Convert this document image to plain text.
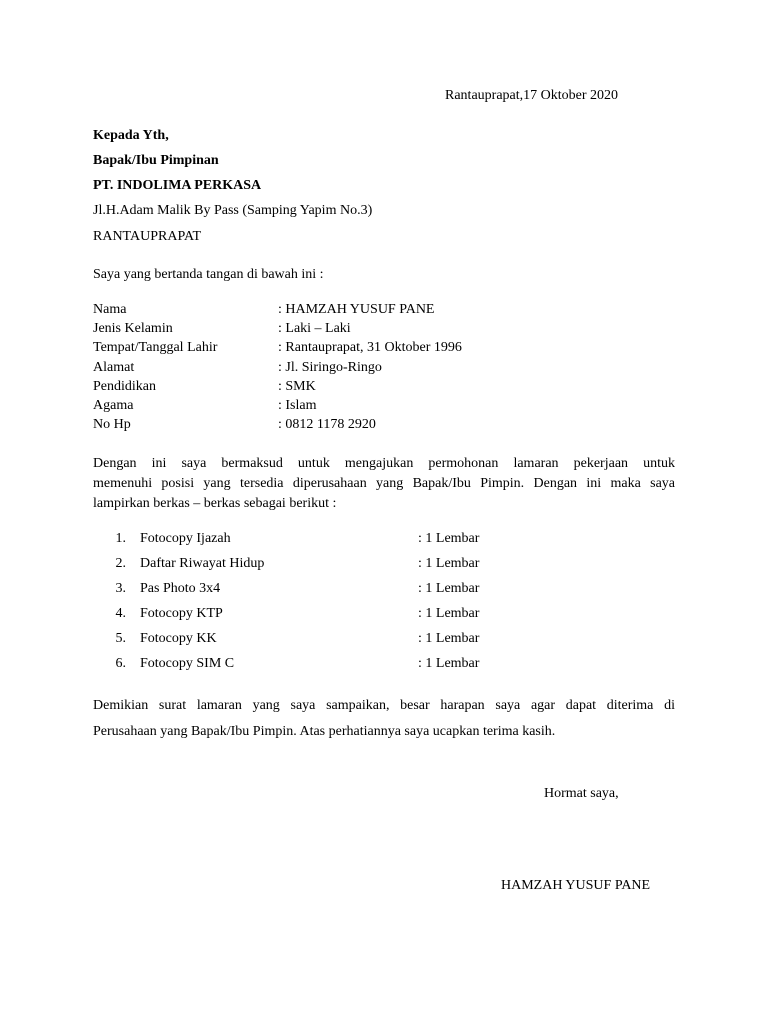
Rantauprapat,17 Oktober 2020
Kepada Yth,
Bapak/Ibu Pimpinan
PT. INDOLIMA PERKASA
Jl.H.Adam Malik By Pass (Samping Yapim No.3)
RANTAUPRAPAT
Saya yang bertanda tangan di bawah ini :
Nama	: HAMZAH YUSUF PANE
Jenis Kelamin	: Laki – Laki
Tempat/Tanggal Lahir	: Rantauprapat, 31 Oktober 1996
Alamat	: Jl. Siringo-Ringo
Pendidikan	: SMK
Agama	: Islam
No Hp	: 0812 1178 2920
Dengan ini saya bermaksud untuk mengajukan permohonan lamaran pekerjaan untuk
memenuhi posisi yang tersedia diperusahaan yang Bapak/Ibu Pimpin. Dengan ini maka saya
lampirkan berkas – berkas sebagai berikut :
1. Fotocopy Ijazah	: 1 Lembar
2. Daftar Riwayat Hidup	: 1 Lembar
3. Pas Photo 3x4	: 1 Lembar
4. Fotocopy KTP	: 1 Lembar
5. Fotocopy KK	: 1 Lembar
6. Fotocopy SIM C	: 1 Lembar
Demikian surat lamaran yang saya sampaikan, besar harapan saya agar dapat diterima di
Perusahaan yang Bapak/Ibu Pimpin. Atas perhatiannya saya ucapkan terima kasih.
Hormat saya,
HAMZAH YUSUF PANE
